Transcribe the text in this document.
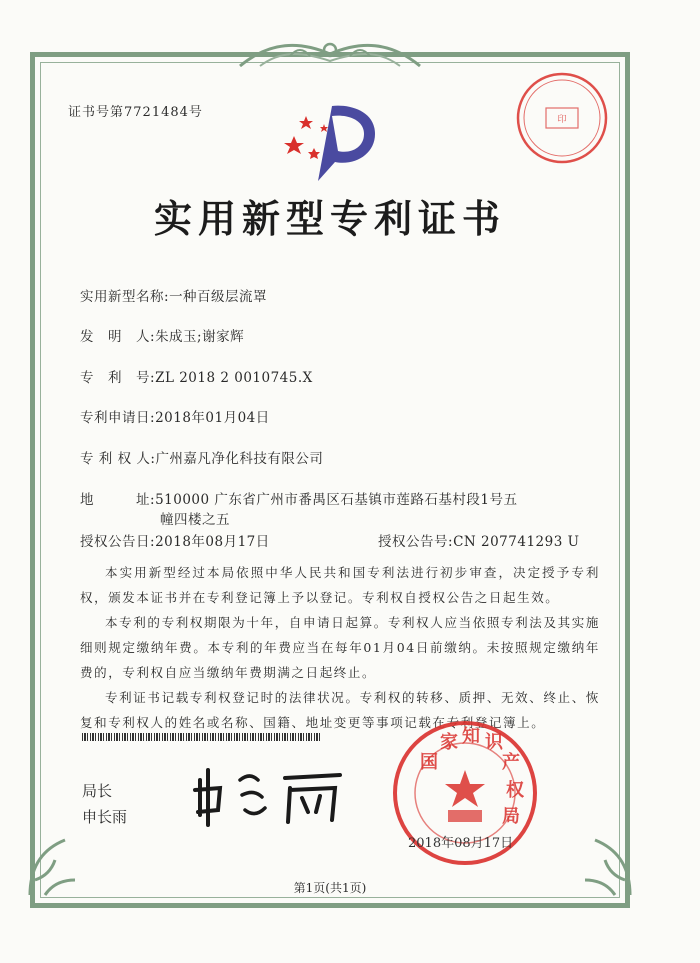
证书号第7721484号	印
实用新型专利证书
实用新型名称:一种百级层流罩
发　明　人:朱成玉;谢家辉
专　利　号:ZL 2018 2 0010745.X
专利申请日:2018年01月04日
专 利 权 人:广州嘉凡净化科技有限公司
地　　　址:510000 广东省广州市番禺区石基镇市莲路石基村段1号五
幢四楼之五
授权公告日:2018年08月17日	授权公告号:CN 207741293 U
本实用新型经过本局依照中华人民共和国专利法进行初步审查，决定授予专利权，颁发本证书并在专利登记簿上予以登记。专利权自授权公告之日起生效。
本专利的专利权期限为十年，自申请日起算。专利权人应当依照专利法及其实施细则规定缴纳年费。本专利的年费应当在每年01月04日前缴纳。未按照规定缴纳年费的，专利权自应当缴纳年费期满之日起终止。
专利证书记载专利权登记时的法律状况。专利权的转移、质押、无效、终止、恢复和专利权人的姓名或名称、国籍、地址变更等事项记载在专利登记簿上。
局长
申长雨
国
家 知 识
产
权
局
2018年08月17日
第1页(共1页)
